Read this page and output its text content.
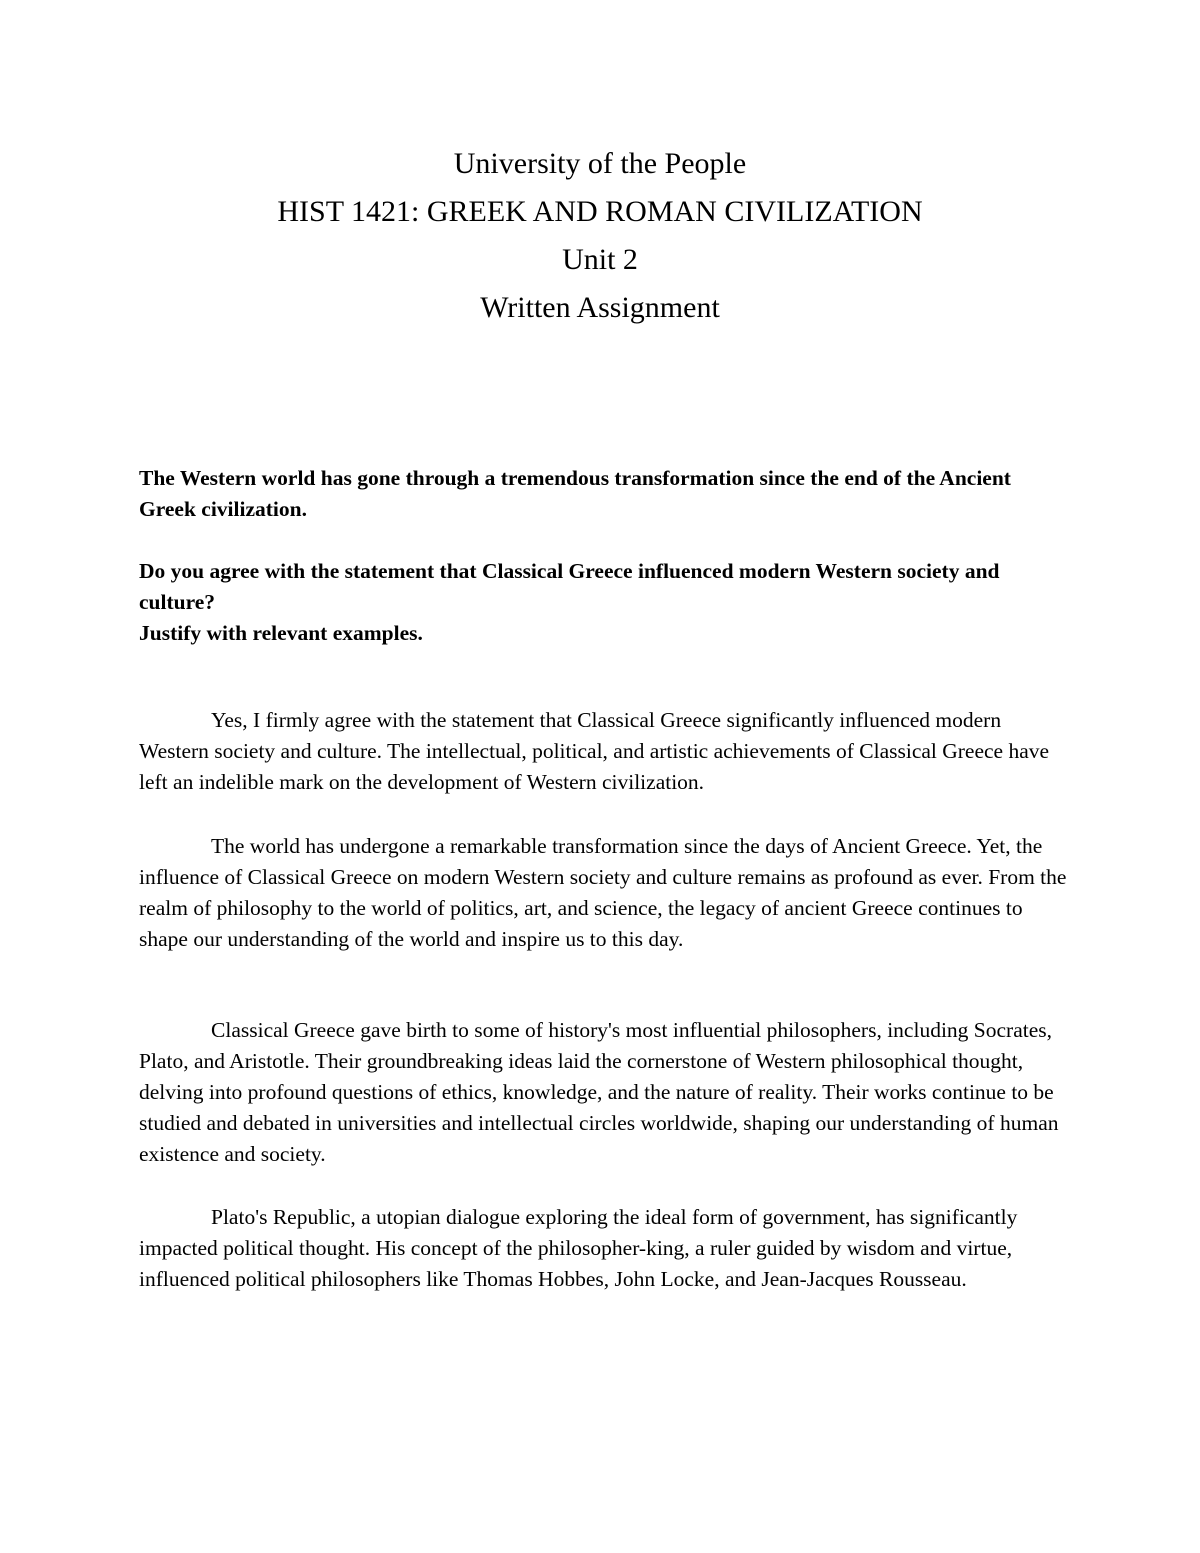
University of the People
HIST 1421: GREEK AND ROMAN CIVILIZATION
Unit 2
Written Assignment

The Western world has gone through a tremendous transformation since the end of the Ancient Greek civilization.

Do you agree with the statement that Classical Greece influenced modern Western society and culture?

Justify with relevant examples.

Yes, I firmly agree with the statement that Classical Greece significantly influenced modern Western society and culture. The intellectual, political, and artistic achievements of Classical Greece have left an indelible mark on the development of Western civilization.

The world has undergone a remarkable transformation since the days of Ancient Greece. Yet, the influence of Classical Greece on modern Western society and culture remains as profound as ever. From the realm of philosophy to the world of politics, art, and science, the legacy of ancient Greece continues to shape our understanding of the world and inspire us to this day.

Classical Greece gave birth to some of history's most influential philosophers, including Socrates, Plato, and Aristotle. Their groundbreaking ideas laid the cornerstone of Western philosophical thought, delving into profound questions of ethics, knowledge, and the nature of reality. Their works continue to be studied and debated in universities and intellectual circles worldwide, shaping our understanding of human existence and society.

Plato's Republic, a utopian dialogue exploring the ideal form of government, has significantly impacted political thought. His concept of the philosopher-king, a ruler guided by wisdom and virtue, influenced political philosophers like Thomas Hobbes, John Locke, and Jean-Jacques Rousseau.
